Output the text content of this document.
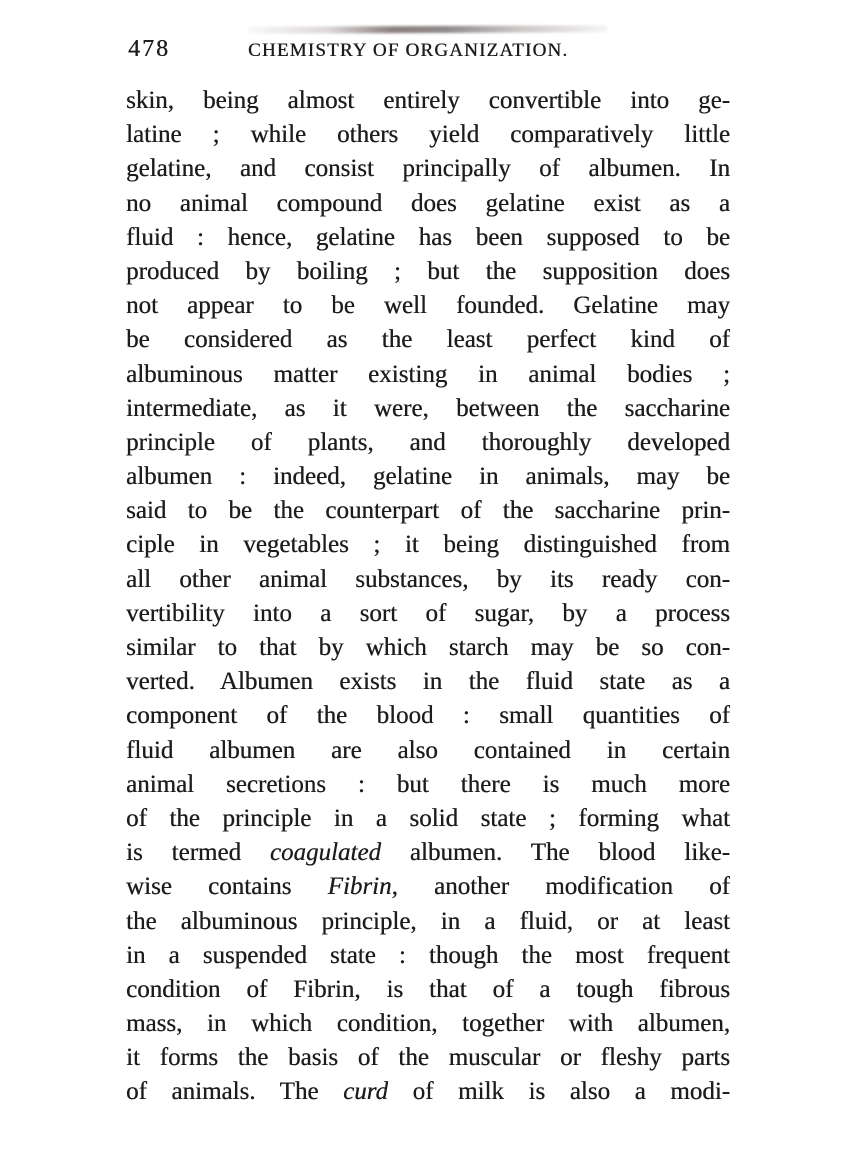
478	CHEMISTRY OF ORGANIZATION.
skin, being almost entirely convertible into ge-
latine ; while others yield comparatively little
gelatine, and consist principally of albumen. In
no animal compound does gelatine exist as a
fluid : hence, gelatine has been supposed to be
produced by boiling ; but the supposition does
not appear to be well founded. Gelatine may
be considered as the least perfect kind of
albuminous matter existing in animal bodies ;
intermediate, as it were, between the saccharine
principle of plants, and thoroughly developed
albumen : indeed, gelatine in animals, may be
said to be the counterpart of the saccharine prin-
ciple in vegetables ; it being distinguished from
all other animal substances, by its ready con-
vertibility into a sort of sugar, by a process
similar to that by which starch may be so con-
verted. Albumen exists in the fluid state as a
component of the blood : small quantities of
fluid albumen are also contained in certain
animal secretions : but there is much more
of the principle in a solid state ; forming what
is termed coagulated albumen. The blood like-
wise contains Fibrin, another modification of
the albuminous principle, in a fluid, or at least
in a suspended state : though the most frequent
condition of Fibrin, is that of a tough fibrous
mass, in which condition, together with albumen,
it forms the basis of the muscular or fleshy parts
of animals. The curd of milk is also a modi-
